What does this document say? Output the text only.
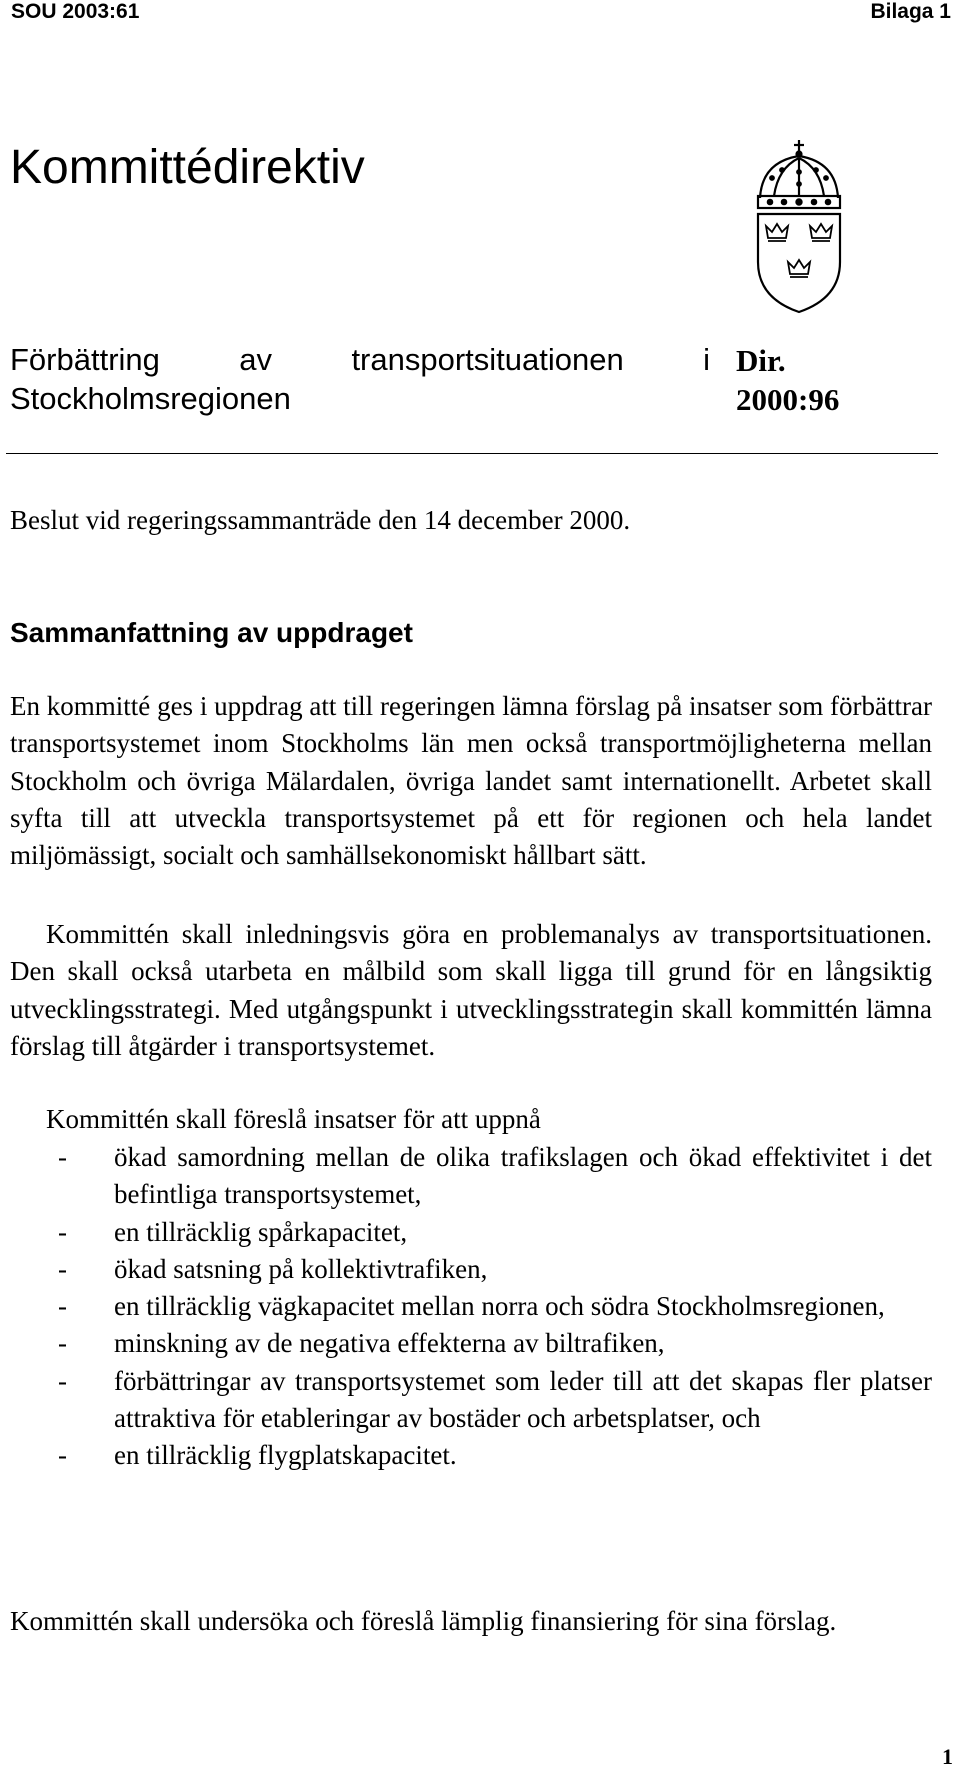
SOU 2003:61	Bilaga 1
Kommittédirektiv
Förbättring	av	transportsituationen	i
Stockholmsregionen
Dir.
2000:96
Beslut vid regeringssammanträde den 14 december 2000.
Sammanfattning av uppdraget

En kommitté ges i uppdrag att till regeringen lämna förslag på insatser som förbättrar transportsystemet inom Stockholms län men också transportmöjligheterna mellan Stockholm och övriga Mälardalen, övriga landet samt internationellt. Arbetet skall syfta till att utveckla transportsystemet på ett för regionen och hela landet miljömässigt, socialt och samhällsekonomiskt hållbart sätt.

Kommittén skall inledningsvis göra en problemanalys av transportsituationen. Den skall också utarbeta en målbild som skall ligga till grund för en långsiktig utvecklingsstrategi. Med utgångspunkt i utvecklingsstrategin skall kommittén lämna förslag till åtgärder i transportsystemet.

Kommittén skall föreslå insatser för att uppnå

-	ökad samordning mellan de olika trafikslagen och ökad effektivitet i det befintliga transportsystemet,
-	en tillräcklig spårkapacitet,
-	ökad satsning på kollektivtrafiken,
-	en tillräcklig vägkapacitet mellan norra och södra Stockholmsregionen,
-	minskning av de negativa effekterna av biltrafiken,
-	förbättringar av transportsystemet som leder till att det skapas fler platser attraktiva för etableringar av bostäder och arbetsplatser, och
-	en tillräcklig flygplatskapacitet.

Kommittén skall undersöka och föreslå lämplig finansiering för sina förslag.

1
